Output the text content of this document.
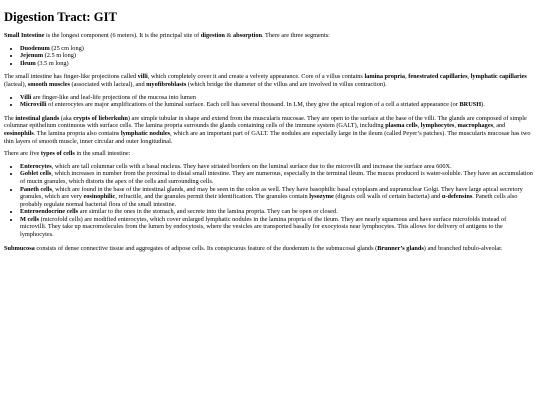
Digestion Tract: GIT

Small Intestine is the longest component (6 meters). It is the principal site of digestion & absorption. There are three segments:

• Duodenum (25 cm long)
• Jejenum (2.5 m long)
• Ileum (3.5 m long)

The small intestine has finger-like projections called villi, which completely cover it and create a velvety appearance. Core of a villus contains lamina propria, fenestrated capillaries, lymphatic capillaries (lacteal), smooth muscles (associated with lacteal), and myofibroblasts (which bridge the diameter of the villus and are involved in villus contraction).

• Villi are finger-like and leaf-life projections of the mucosa into lumen
• Microvilli of enterocytes are major amplifications of the luminal surface. Each cell has several thousand. In LM, they give the apical region of a cell a striated appearance (or BRUSH).

The intestinal glands (aka crypts of lieberkuhn) are simple tubular in shape and extend from the muscularis mucosae. They are open to the surface at the base of the villi. The glands are composed of simple columnar epithelium continuous with surface cells. The lamina propria surrounds the glands containing cells of the immune system (GALT), including plasma cells, lymphocytes, macrophages, and eosinophils. The lamina propria also contains lymphatic nodules, which are an important part of GALT. The nodules are especially large in the ileum (called Peyer’s patches). The muscularis mucosae has two thin layers of smooth muscle, inner circular and outer longitudinal.

There are five types of cells in the small intestine:

• Enterocytes, which are tall columnar cells with a basal nucleus. They have striated borders on the luminal surface due to the microvilli and increase the surface area 600X.
• Goblet cells, which increases in number from the proximal to distal small intestine. They are numerous, especially in the terminal ileum. The mucus produced is water-soluble. They have an accumulation of mucin granules, which distorts the apex of the cells and surrounding cells.
• Paneth cells, which are found in the base of the intestinal glands, and may be seen in the colon as well. They have basophilic basal cytoplasm and supranuclear Golgi. They have large apical secretory granules, which are very eosinophilic, refractile, and the granules permit their identification. The granules contain lysozyme (digests cell walls of certain bacteria) and α-defensins. Paneth cells also probably regulate normal bacterial flora of the small intestine.
• Enteroendocrine cells are similar to the ones in the stomach, and secrete into the lamina propria. They can be open or closed.
• M cells (microfold cells) are modified enterocytes, which cover enlarged lymphatic nodules in the lamina propria of the ileum. They are nearly squamous and have surface microfolds instead of microvilli. They take up macromolecules from the lumen by endocytosis, where the vesicles are transported basally for exocytosis near lymphocytes. This allows for delivery of antigens to the lymphocytes.

Submucosa consists of dense connective tissue and aggregates of adipose cells. Its conspicuous feature of the duodenum is the submucosal glands (Brunner’s glands) and branched tubulo-alveolar.
